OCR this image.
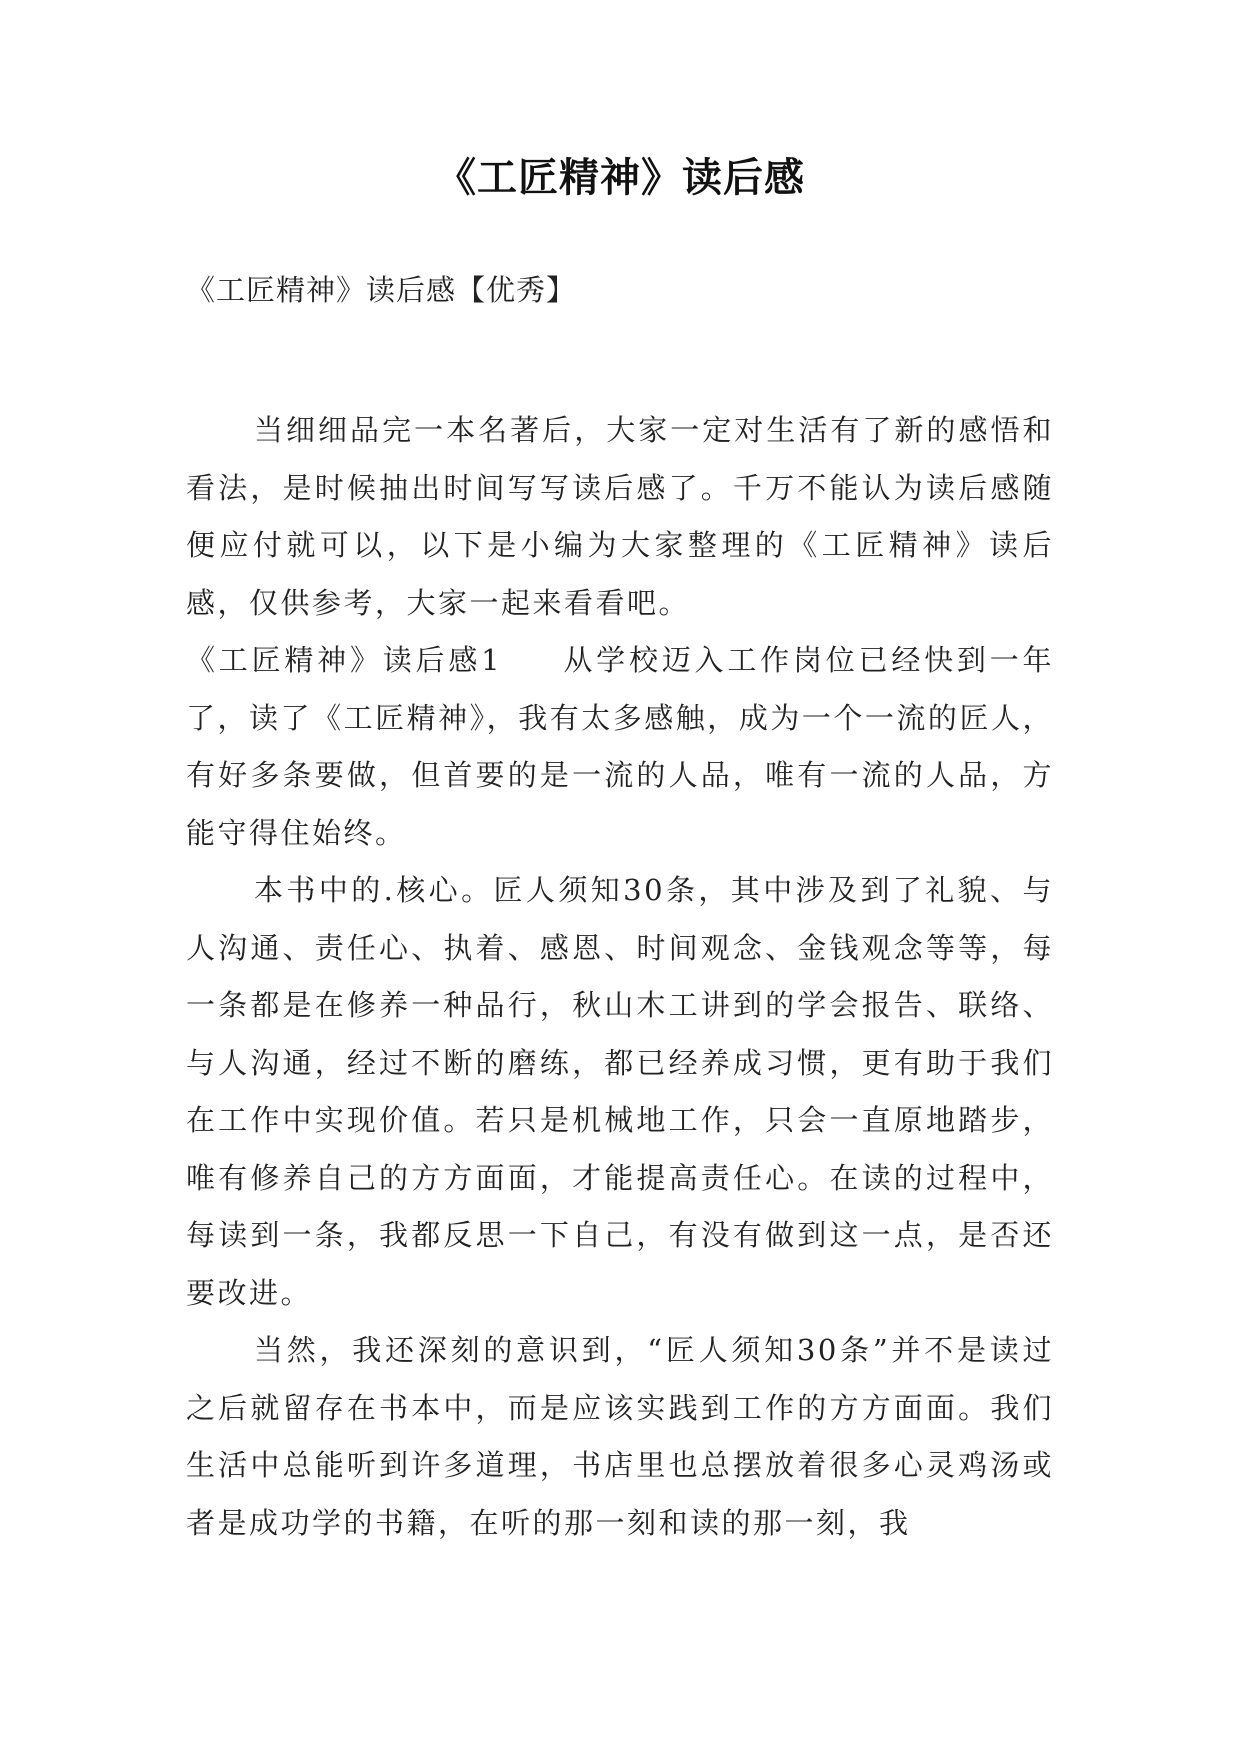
《工匠精神》读后感
《工匠精神》读后感【优秀】

当细细品完一本名著后，大家一定对生活有了新的感悟和看法，是时候抽出时间写写读后感了。千万不能认为读后感随便应付就可以，以下是小编为大家整理的《工匠精神》读后感，仅供参考，大家一起来看看吧。

《工匠精神》读后感1 从学校迈入工作岗位已经快到一年了，读了《工匠精神》，我有太多感触，成为一个一流的匠人，有好多条要做，但首要的是一流的人品，唯有一流的人品，方能守得住始终。

本书中的.核心。匠人须知30条，其中涉及到了礼貌、与人沟通、责任心、执着、感恩、时间观念、金钱观念等等，每一条都是在修养一种品行，秋山木工讲到的学会报告、联络、与人沟通，经过不断的磨练，都已经养成习惯，更有助于我们在工作中实现价值。若只是机械地工作，只会一直原地踏步，唯有修养自己的方方面面，才能提高责任心。在读的过程中，每读到一条，我都反思一下自己，有没有做到这一点，是否还要改进。

当然，我还深刻的意识到，“匠人须知30条”并不是读过之后就留存在书本中，而是应该实践到工作的方方面面。我们生活中总能听到许多道理，书店里也总摆放着很多心灵鸡汤或者是成功学的书籍，在听的那一刻和读的那一刻，我
